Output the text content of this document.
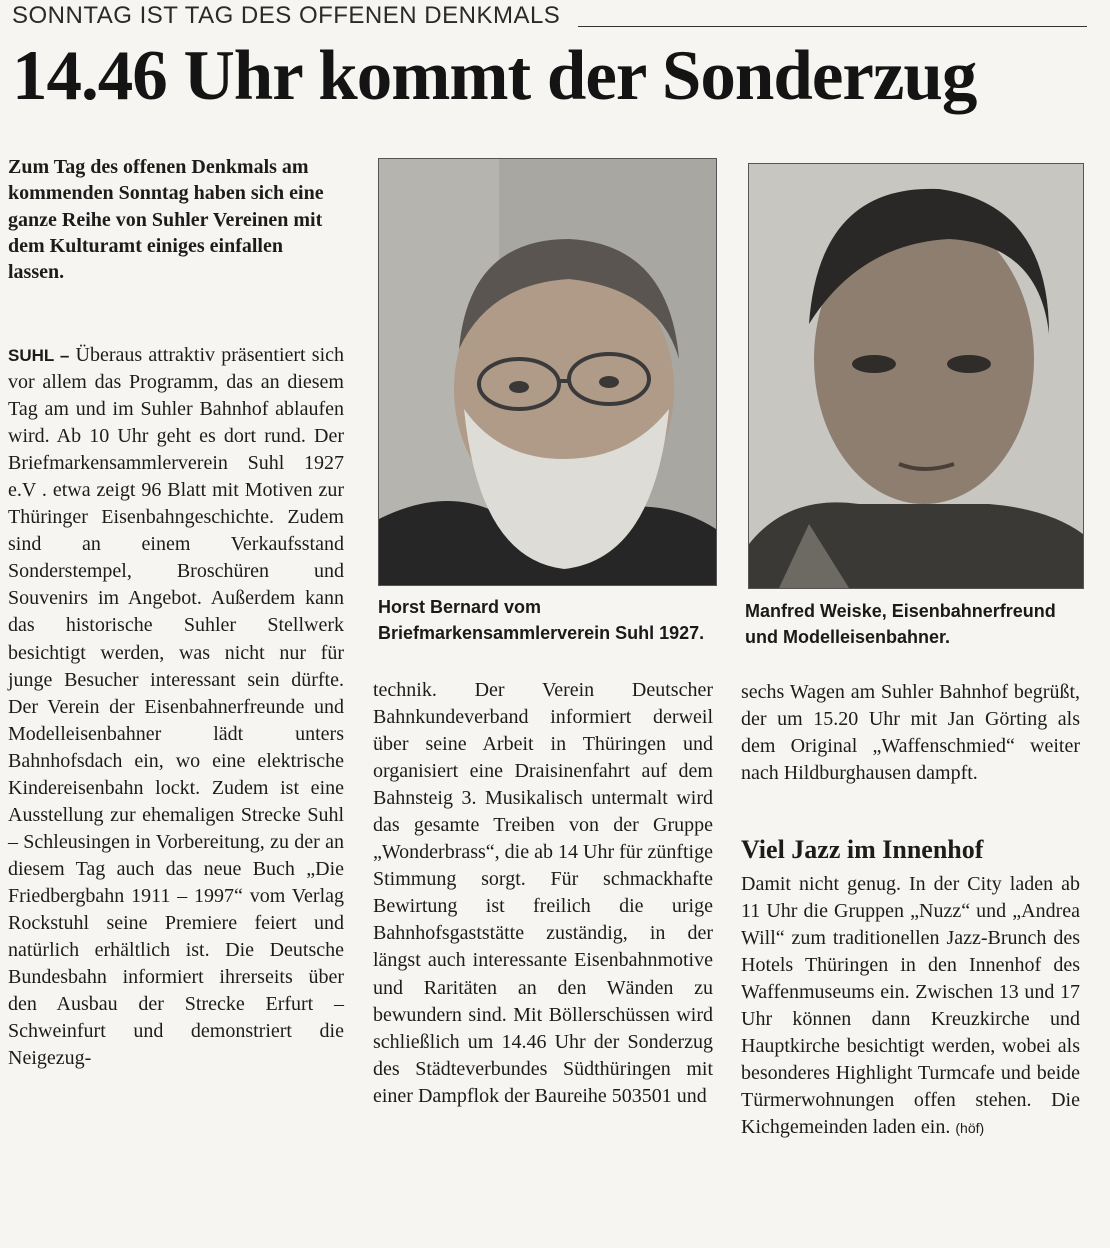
SONNTAG IST TAG DES OFFENEN DENKMALS
14.46 Uhr kommt der Sonderzug
Zum Tag des offenen Denkmals am kommenden Sonntag haben sich eine ganze Reihe von Suhler Vereinen mit dem Kulturamt einiges einfallen lassen.

SUHL – Überaus attraktiv präsentiert sich vor allem das Programm, das an diesem Tag am und im Suhler Bahnhof ablaufen wird. Ab 10 Uhr geht es dort rund. Der Briefmarkensammlerverein Suhl 1927 e.V . etwa zeigt 96 Blatt mit Motiven zur Thüringer Eisenbahngeschichte. Zudem sind an einem Verkaufsstand Sonderstempel, Broschüren und Souvenirs im Angebot. Außerdem kann das historische Suhler Stellwerk besichtigt werden, was nicht nur für junge Besucher interessant sein dürfte. Der Verein der Eisenbahnerfreunde und Modelleisenbahner lädt unters Bahnhofsdach ein, wo eine elektrische Kindereisenbahn lockt. Zudem ist eine Ausstellung zur ehemaligen Strecke Suhl – Schleusingen in Vorbereitung, zu der an diesem Tag auch das neue Buch „Die Friedbergbahn 1911 – 1997“ vom Verlag Rockstuhl seine Premiere feiert und natürlich erhältlich ist. Die Deutsche Bundesbahn informiert ihrerseits über den Ausbau der Strecke Erfurt – Schweinfurt und demonstriert die Neigezug-

Horst Bernard vom Briefmarkensammlerverein Suhl 1927.
Manfred Weiske, Eisenbahnerfreund und Modelleisenbahner.

technik. Der Verein Deutscher Bahnkundeverband informiert derweil über seine Arbeit in Thüringen und organisiert eine Draisinenfahrt auf dem Bahnsteig 3. Musikalisch untermalt wird das gesamte Treiben von der Gruppe „Wonderbrass“, die ab 14 Uhr für zünftige Stimmung sorgt. Für schmackhafte Bewirtung ist freilich die urige Bahnhofsgaststätte zuständig, in der längst auch interessante Eisenbahnmotive und Raritäten an den Wänden zu bewundern sind. Mit Böllerschüssen wird schließlich um 14.46 Uhr der Sonderzug des Städteverbundes Südthüringen mit einer Dampflok der Baureihe 503501 und

sechs Wagen am Suhler Bahnhof begrüßt, der um 15.20 Uhr mit Jan Görting als dem Original „Waffenschmied“ weiter nach Hildburghausen dampft.

Viel Jazz im Innenhof

Damit nicht genug. In der City laden ab 11 Uhr die Gruppen „Nuzz“ und „Andrea Will“ zum traditionellen Jazz-Brunch des Hotels Thüringen in den Innenhof des Waffenmuseums ein. Zwischen 13 und 17 Uhr können dann Kreuzkirche und Hauptkirche besichtigt werden, wobei als besonderes Highlight Turmcafe und beide Türmerwohnungen offen stehen. Die Kichgemeinden laden ein. (höf)
